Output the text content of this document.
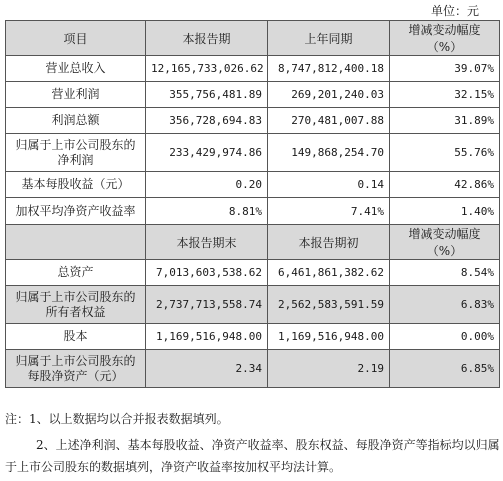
单位：元
项目	本报告期	上年同期	增减变动幅度（%）
营业总收入	12,165,733,026.62	8,747,812,400.18	39.07%
营业利润	355,756,481.89	269,201,240.03	32.15%
利润总额	356,728,694.83	270,481,007.88	31.89%
归属于上市公司股东的净利润	233,429,974.86	149,868,254.70	55.76%
基本每股收益（元）	0.20	0.14	42.86%
加权平均净资产收益率	8.81%	7.41%	1.40%
	本报告期末	本报告期初	增减变动幅度（%）
总资产	7,013,603,538.62	6,461,861,382.62	8.54%
归属于上市公司股东的所有者权益	2,737,713,558.74	2,562,583,591.59	6.83%
股本	1,169,516,948.00	1,169,516,948.00	0.00%
归属于上市公司股东的每股净资产（元）	2.34	2.19	6.85%
注：1、以上数据均以合并报表数据填列。
2、上述净利润、基本每股收益、净资产收益率、股东权益、每股净资产等指标均以归属
于上市公司股东的数据填列，净资产收益率按加权平均法计算。
